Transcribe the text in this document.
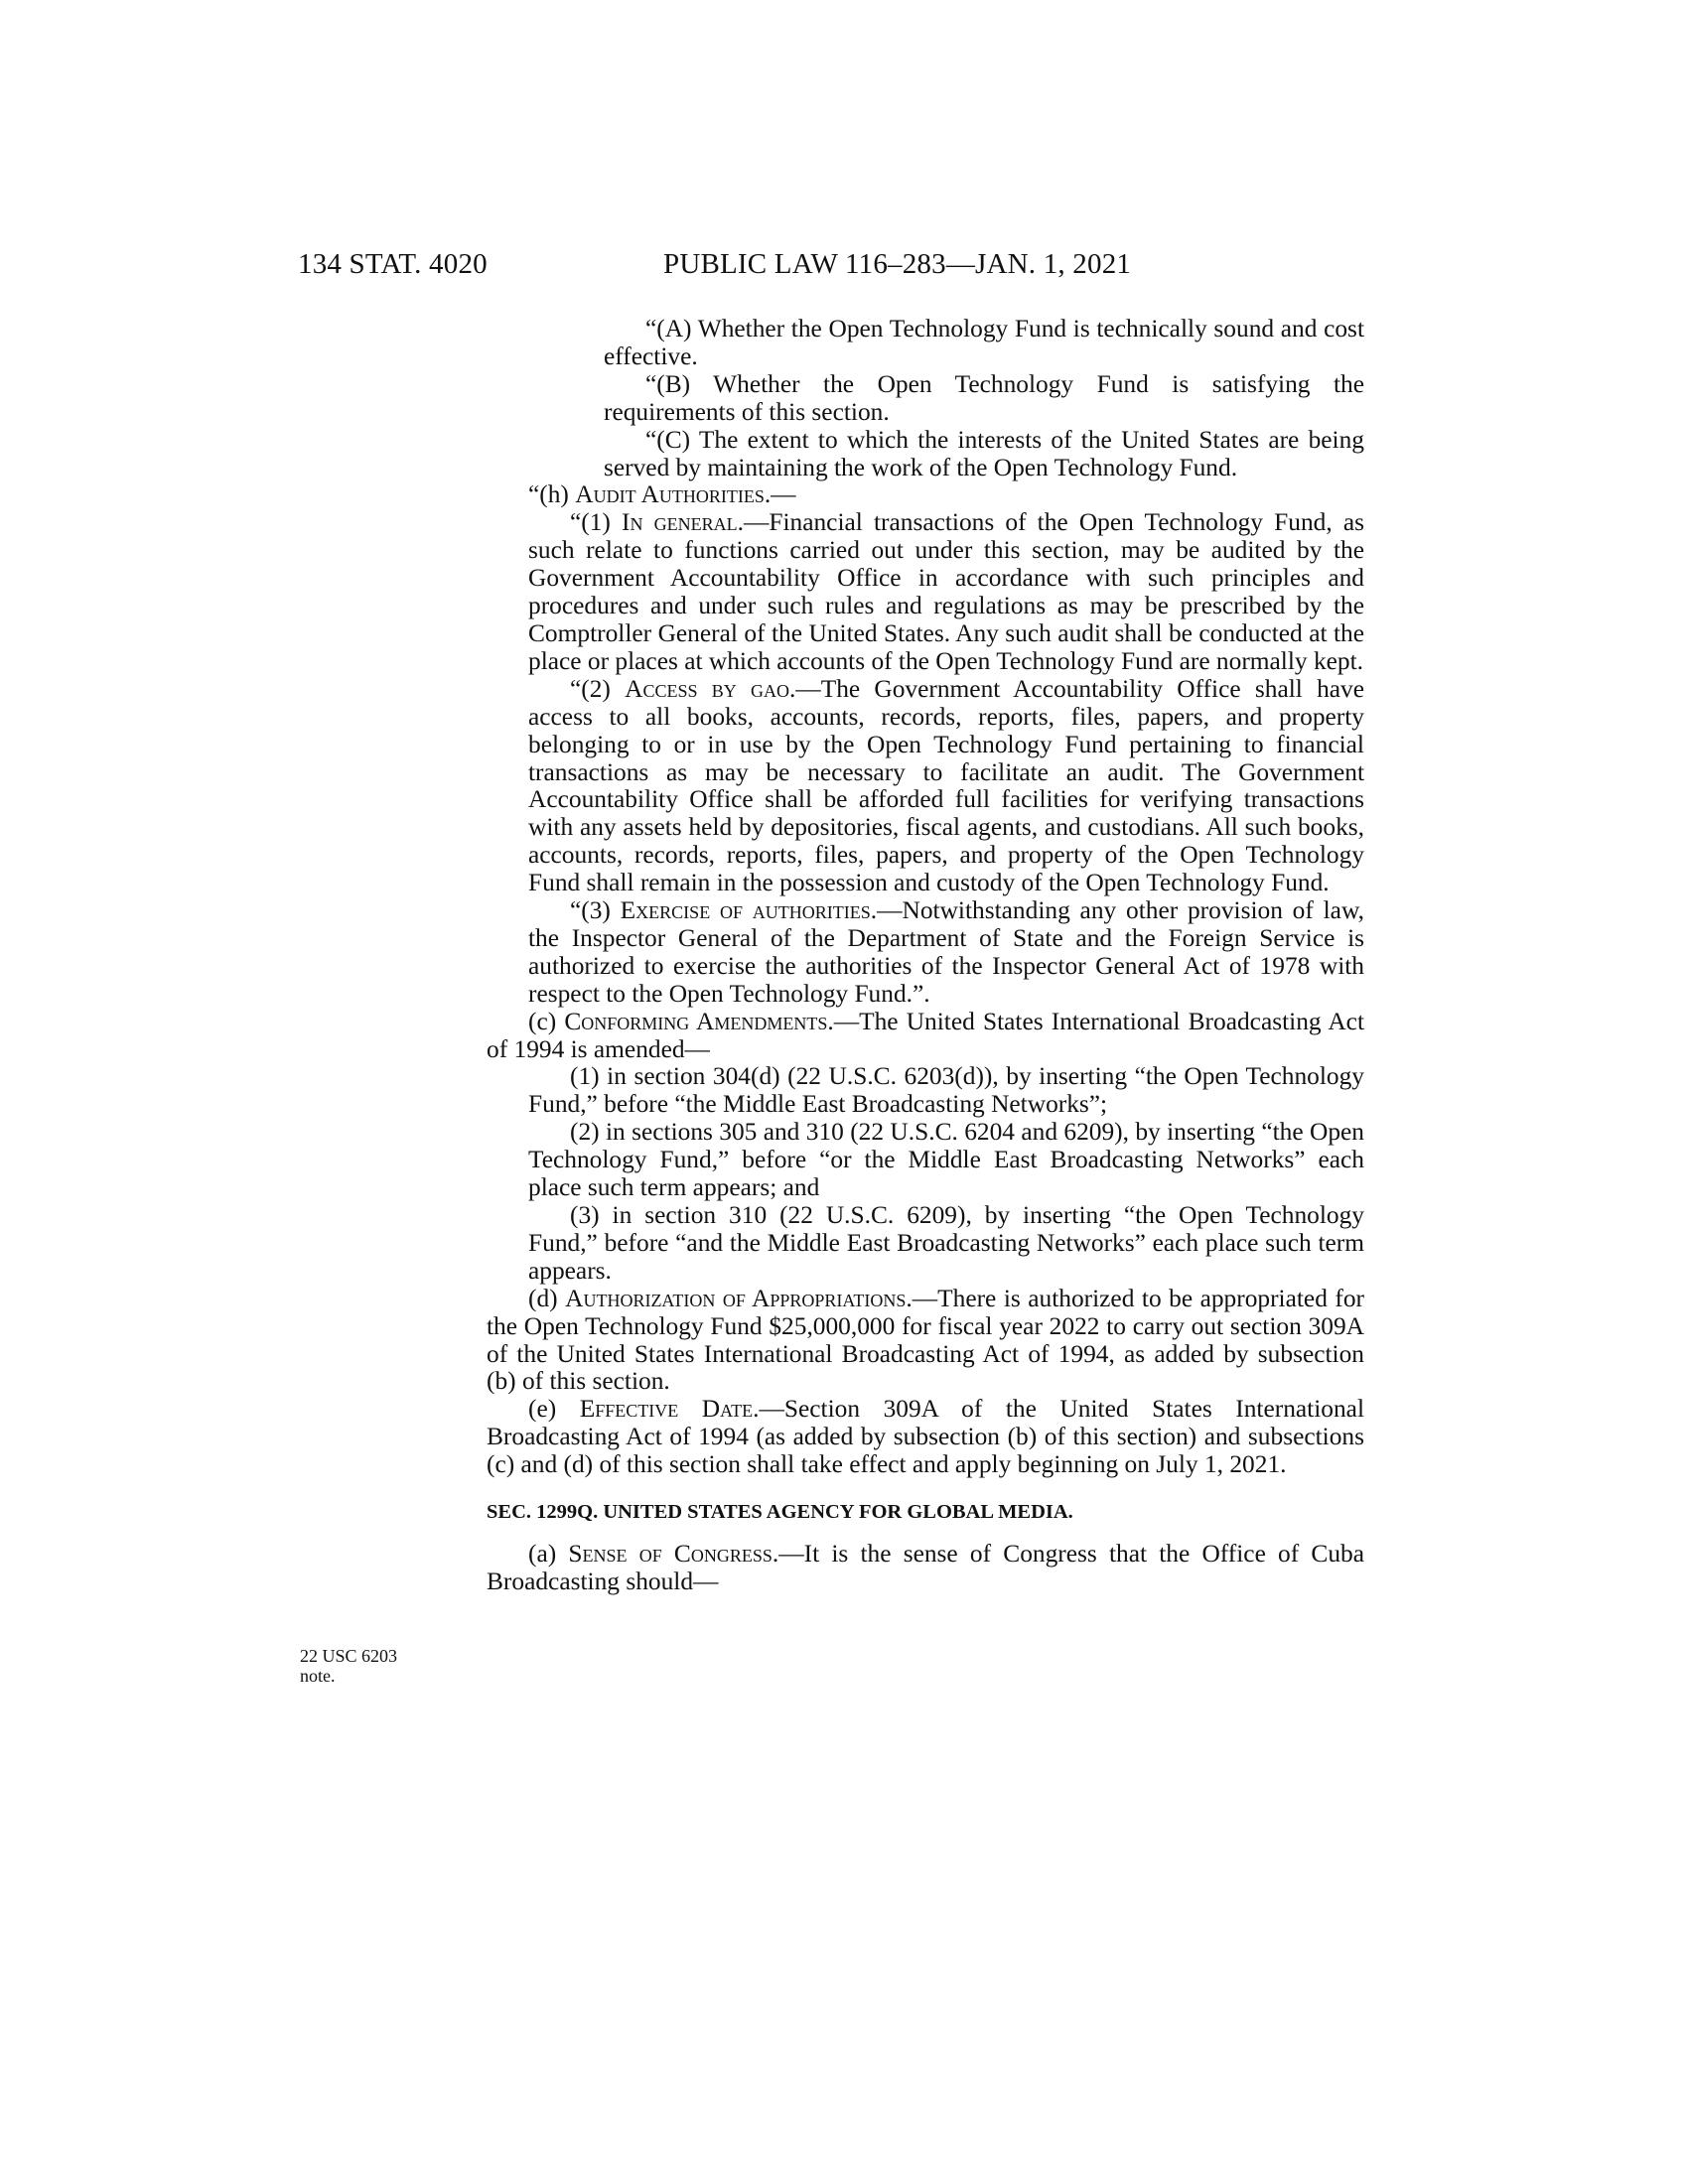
134 STAT. 4020	PUBLIC LAW 116–283—JAN. 1, 2021
22 USC 6203
note.

“(A) Whether the Open Technology Fund is technically sound and cost effective.

“(B) Whether the Open Technology Fund is satisfying the requirements of this section.

“(C) The extent to which the interests of the United States are being served by maintaining the work of the Open Technology Fund.

“(h) Audit Authorities.—

“(1) In general.—Financial transactions of the Open Technology Fund, as such relate to functions carried out under this section, may be audited by the Government Accountability Office in accordance with such principles and procedures and under such rules and regulations as may be prescribed by the Comptroller General of the United States. Any such audit shall be conducted at the place or places at which accounts of the Open Technology Fund are normally kept.

“(2) Access by gao.—The Government Accountability Office shall have access to all books, accounts, records, reports, files, papers, and property belonging to or in use by the Open Technology Fund pertaining to financial transactions as may be necessary to facilitate an audit. The Government Accountability Office shall be afforded full facilities for verifying transactions with any assets held by depositories, fiscal agents, and custodians. All such books, accounts, records, reports, files, papers, and property of the Open Technology Fund shall remain in the possession and custody of the Open Technology Fund.

“(3) Exercise of authorities.—Notwithstanding any other provision of law, the Inspector General of the Department of State and the Foreign Service is authorized to exercise the authorities of the Inspector General Act of 1978 with respect to the Open Technology Fund.”.

(c) Conforming Amendments.—The United States International Broadcasting Act of 1994 is amended—

(1) in section 304(d) (22 U.S.C. 6203(d)), by inserting “the Open Technology Fund,” before “the Middle East Broadcasting Networks”;

(2) in sections 305 and 310 (22 U.S.C. 6204 and 6209), by inserting “the Open Technology Fund,” before “or the Middle East Broadcasting Networks” each place such term appears; and

(3) in section 310 (22 U.S.C. 6209), by inserting “the Open Technology Fund,” before “and the Middle East Broadcasting Networks” each place such term appears.

(d) Authorization of Appropriations.—There is authorized to be appropriated for the Open Technology Fund $25,000,000 for fiscal year 2022 to carry out section 309A of the United States International Broadcasting Act of 1994, as added by subsection (b) of this section.

(e) Effective Date.—Section 309A of the United States International Broadcasting Act of 1994 (as added by subsection (b) of this section) and subsections (c) and (d) of this section shall take effect and apply beginning on July 1, 2021.

SEC. 1299Q. UNITED STATES AGENCY FOR GLOBAL MEDIA.

(a) Sense of Congress.—It is the sense of Congress that the Office of Cuba Broadcasting should—
